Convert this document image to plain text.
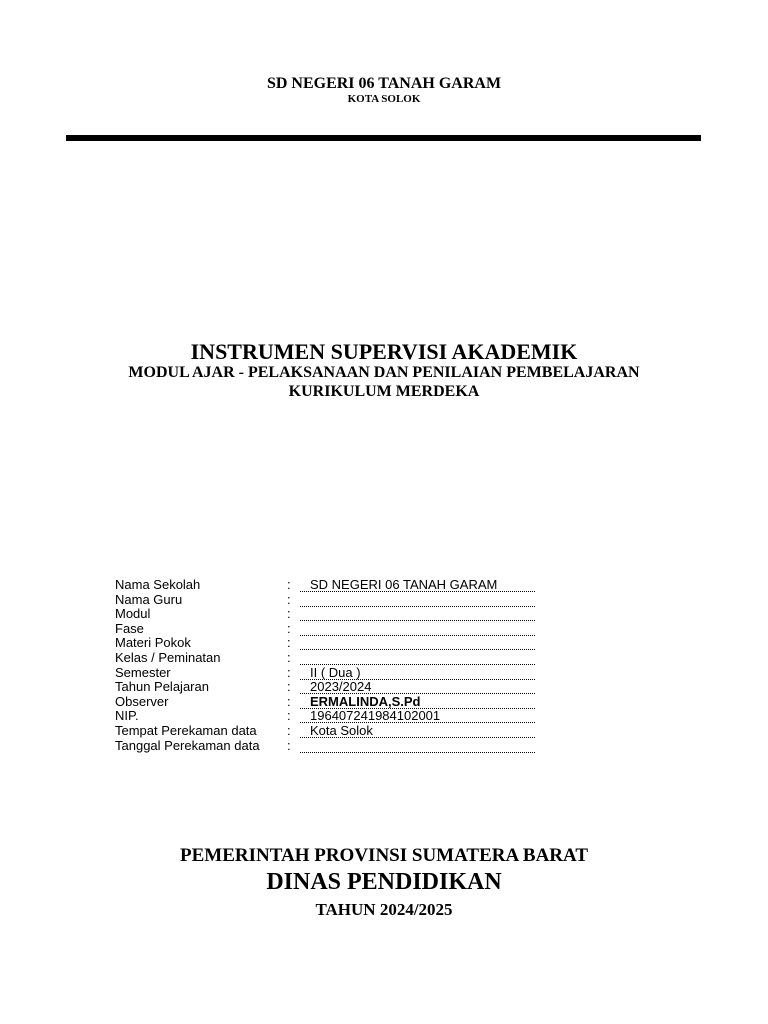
SD NEGERI 06 TANAH GARAM
KOTA SOLOK
INSTRUMEN SUPERVISI AKADEMIK
MODUL AJAR - PELAKSANAAN DAN PENILAIAN PEMBELAJARAN
KURIKULUM MERDEKA
Nama Sekolah	:	SD NEGERI 06 TANAH GARAM
Nama Guru	:
Modul	:
Fase	:
Materi Pokok	:
Kelas / Peminatan	:
Semester	:	II ( Dua )
Tahun Pelajaran	:	2023/2024
Observer	:	ERMALINDA,S.Pd
NIP.	:	196407241984102001
Tempat Perekaman data :	Kota Solok
Tanggal Perekaman data :
PEMERINTAH PROVINSI SUMATERA BARAT
DINAS PENDIDIKAN
TAHUN 2024/2025
